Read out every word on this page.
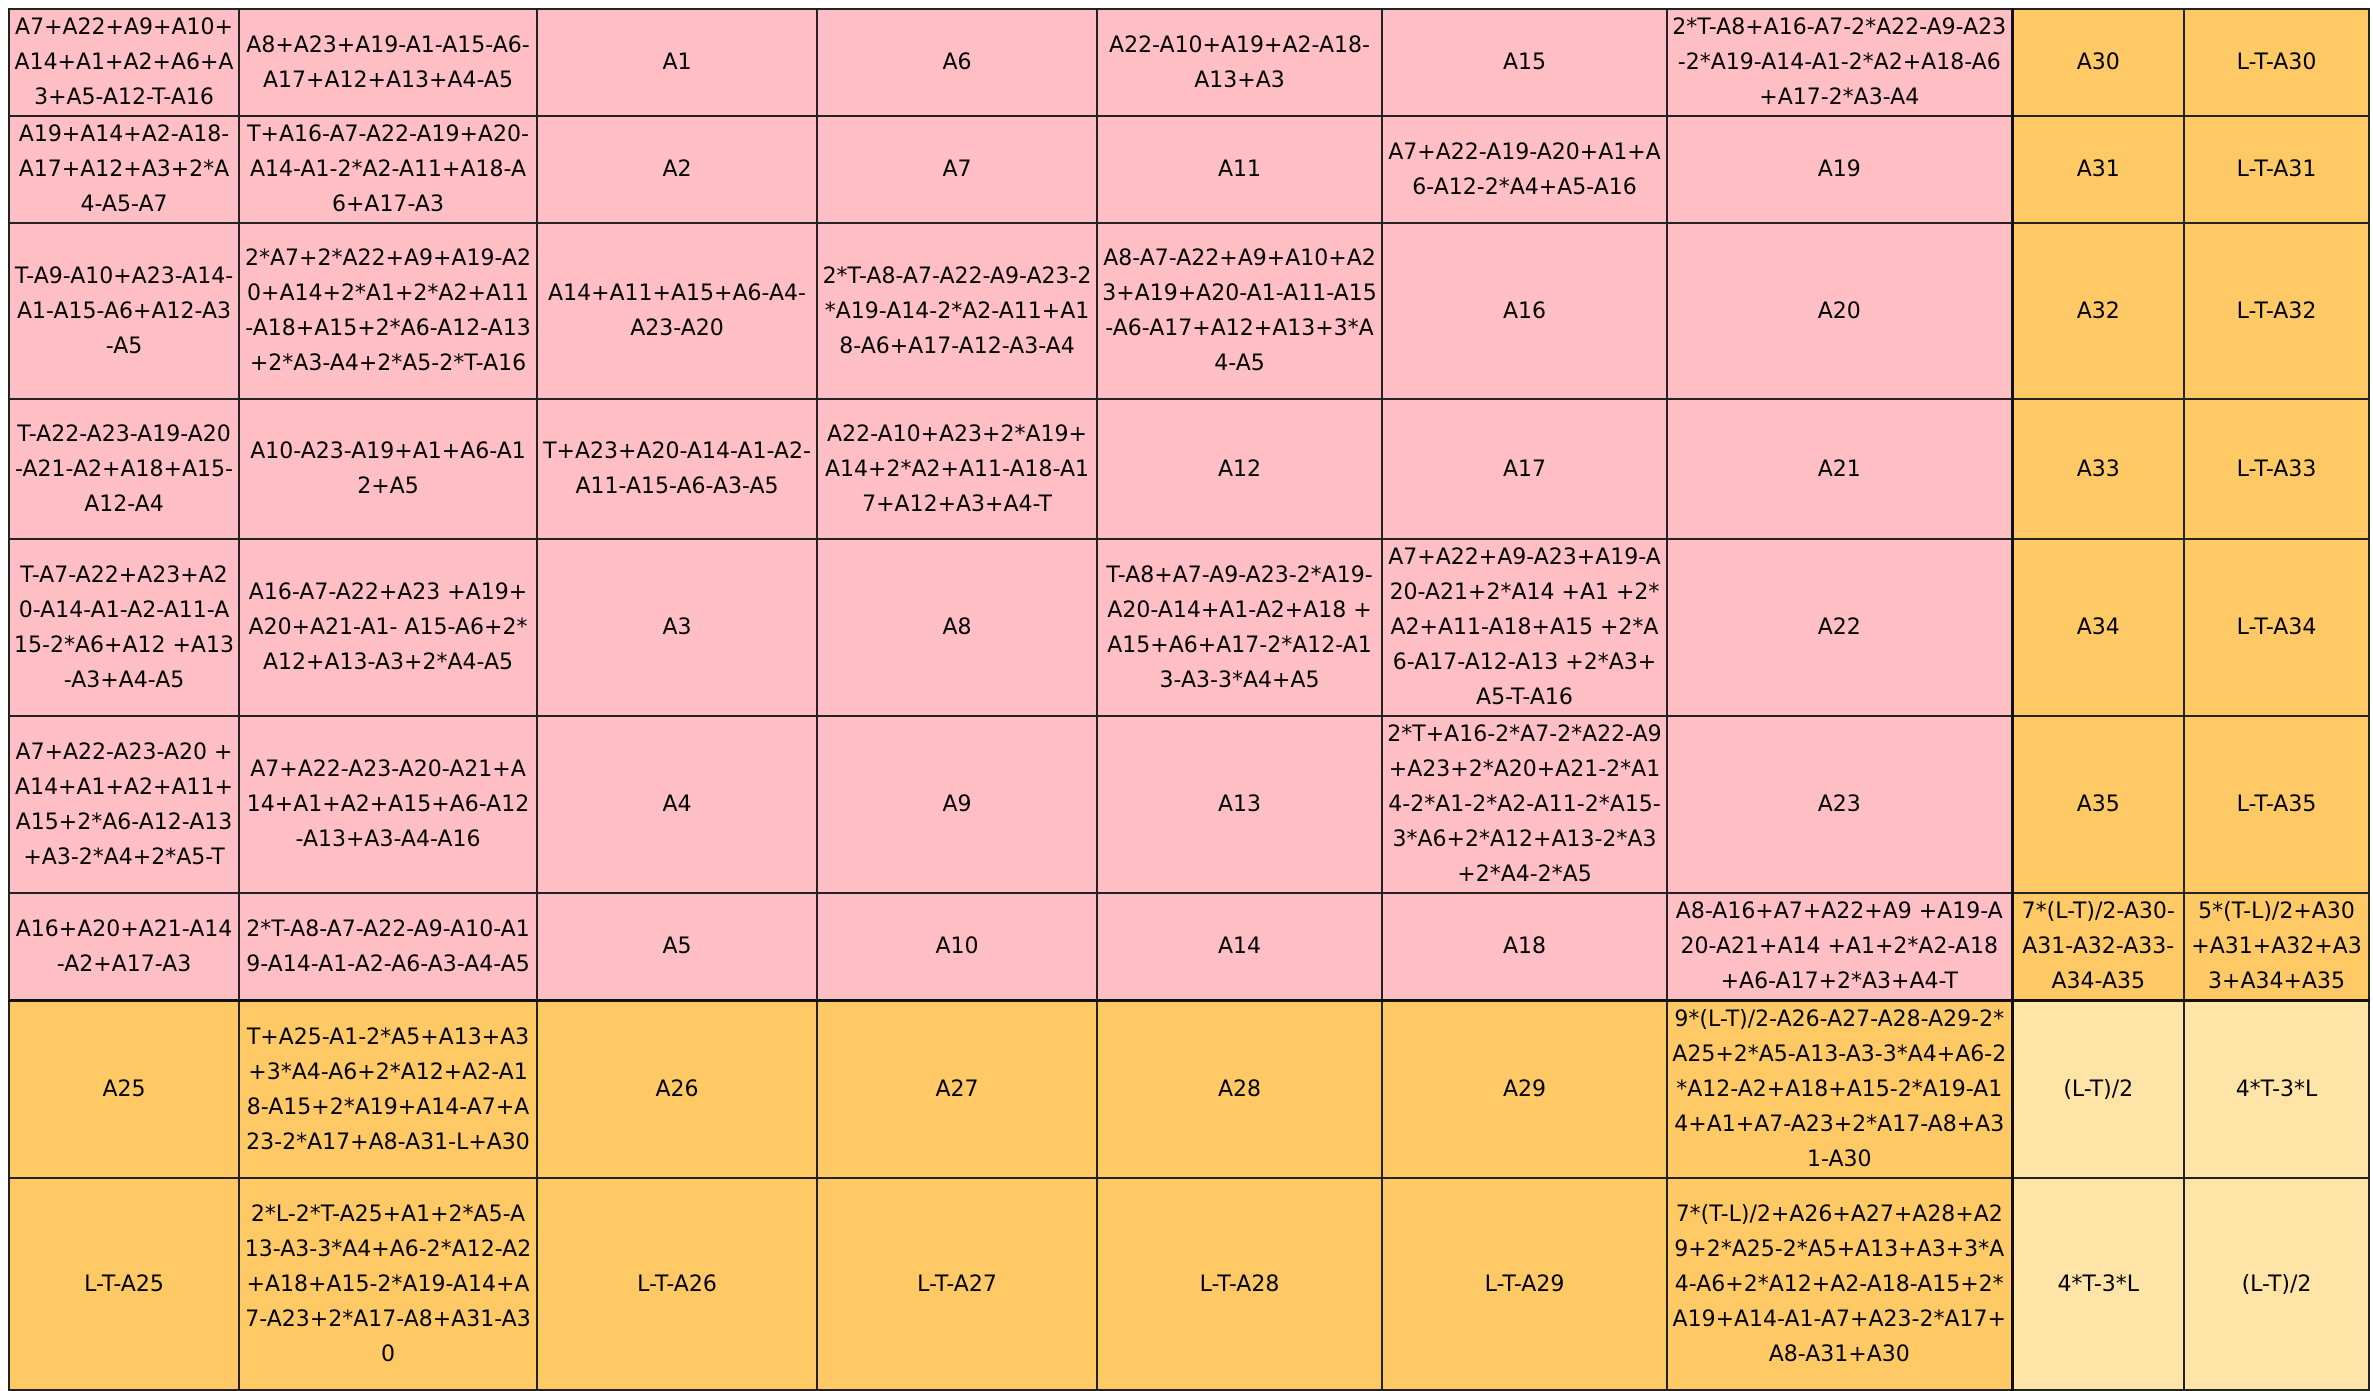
A7+A22+A9+A10+A14+A1+A2+A6+A3+A5-A12-T-A16	A8+A23+A19-A1-A15-A6-A17+A12+A13+A4-A5	A1	A6	A22-A10+A19+A2-A18-A13+A3	A15	2*T-A8+A16-A7-2*A22-A9-A23-2*A19-A14-A1-2*A2+A18-A6+A17-2*A3-A4	A30	L-T-A30
A19+A14+A2-A18-A17+A12+A3+2*A4-A5-A7	T+A16-A7-A22-A19+A20-A14-A1-2*A2-A11+A18-A6+A17-A3	A2	A7	A11	A7+A22-A19-A20+A1+A6-A12-2*A4+A5-A16	A19	A31	L-T-A31
T-A9-A10+A23-A14-A1-A15-A6+A12-A3-A5	2*A7+2*A22+A9+A19-A20+A14+2*A1+2*A2+A11-A18+A15+2*A6-A12-A13+2*A3-A4+2*A5-2*T-A16	A14+A11+A15+A6-A4-A23-A20	2*T-A8-A7-A22-A9-A23-2*A19-A14-2*A2-A11+A18-A6+A17-A12-A3-A4	A8-A7-A22+A9+A10+A23+A19+A20-A1-A11-A15-A6-A17+A12+A13+3*A4-A5	A16	A20	A32	L-T-A32
T-A22-A23-A19-A20-A21-A2+A18+A15-A12-A4	A10-A23-A19+A1+A6-A12+A5	T+A23+A20-A14-A1-A2-A11-A15-A6-A3-A5	A22-A10+A23+2*A19+A14+2*A2+A11-A18-A17+A12+A3+A4-T	A12	A17	A21	A33	L-T-A33
T-A7-A22+A23+A20-A14-A1-A2-A11-A15-2*A6+A12 +A13-A3+A4-A5	A16-A7-A22+A23 +A19+A20+A21-A1- A15-A6+2*A12+A13-A3+2*A4-A5	A3	A8	T-A8+A7-A9-A23-2*A19-A20-A14+A1-A2+A18 +A15+A6+A17-2*A12-A13-A3-3*A4+A5	A7+A22+A9-A23+A19-A20-A21+2*A14 +A1 +2*A2+A11-A18+A15 +2*A6-A17-A12-A13 +2*A3+A5-T-A16	A22	A34	L-T-A34
A7+A22-A23-A20 +A14+A1+A2+A11+A15+2*A6-A12-A13 +A3-2*A4+2*A5-T	A7+A22-A23-A20-A21+A14+A1+A2+A15+A6-A12-A13+A3-A4-A16	A4	A9	A13	2*T+A16-2*A7-2*A22-A9+A23+2*A20+A21-2*A14-2*A1-2*A2-A11-2*A15-3*A6+2*A12+A13-2*A3+2*A4-2*A5	A23	A35	L-T-A35
A16+A20+A21-A14-A2+A17-A3	2*T-A8-A7-A22-A9-A10-A19-A14-A1-A2-A6-A3-A4-A5	A5	A10	A14	A18	A8-A16+A7+A22+A9 +A19-A20-A21+A14 +A1+2*A2-A18+A6-A17+2*A3+A4-T	7*(L-T)/2-A30-A31-A32-A33-A34-A35	5*(T-L)/2+A30+A31+A32+A33+A34+A35
A25	T+A25-A1-2*A5+A13+A3+3*A4-A6+2*A12+A2-A18-A15+2*A19+A14-A7+A23-2*A17+A8-A31-L+A30	A26	A27	A28	A29	9*(L-T)/2-A26-A27-A28-A29-2*A25+2*A5-A13-A3-3*A4+A6-2*A12-A2+A18+A15-2*A19-A14+A1+A7-A23+2*A17-A8+A31-A30	(L-T)/2	4*T-3*L
L-T-A25	2*L-2*T-A25+A1+2*A5-A13-A3-3*A4+A6-2*A12-A2+A18+A15-2*A19-A14+A7-A23+2*A17-A8+A31-A30	L-T-A26	L-T-A27	L-T-A28	L-T-A29	7*(T-L)/2+A26+A27+A28+A29+2*A25-2*A5+A13+A3+3*A4-A6+2*A12+A2-A18-A15+2*A19+A14-A1-A7+A23-2*A17+A8-A31+A30	4*T-3*L	(L-T)/2
